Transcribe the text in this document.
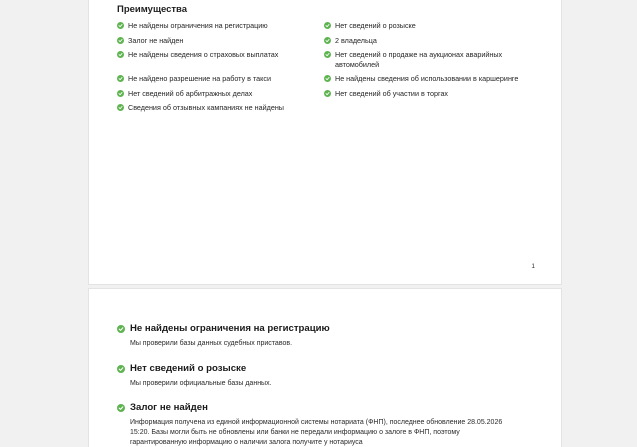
Преимущества
Не найдены ограничения на регистрацию	Нет сведений о розыске
Залог не найден	2 владельца
Не найдены сведения о страховых выплатах	Нет сведений о продаже на аукционах аварийных автомобилей
Не найдено разрешение на работу в такси	Не найдены сведения об использовании в каршеринге
Нет сведений об арбитражных делах	Нет сведений об участии в торгах
Сведения об отзывных кампаниях не найдены
1
Не найдены ограничения на регистрацию
Мы проверили базы данных судебных приставов.
Нет сведений о розыске
Мы проверили официальные базы данных.
Залог не найден
Информация получена из единой информационной системы нотариата (ФНП), последнее обновление 28.05.2026 15:20. Базы могли быть не обновлены или банки не передали информацию о залоге в ФНП, поэтому гарантированную информацию о наличии залога получите у нотариуса
